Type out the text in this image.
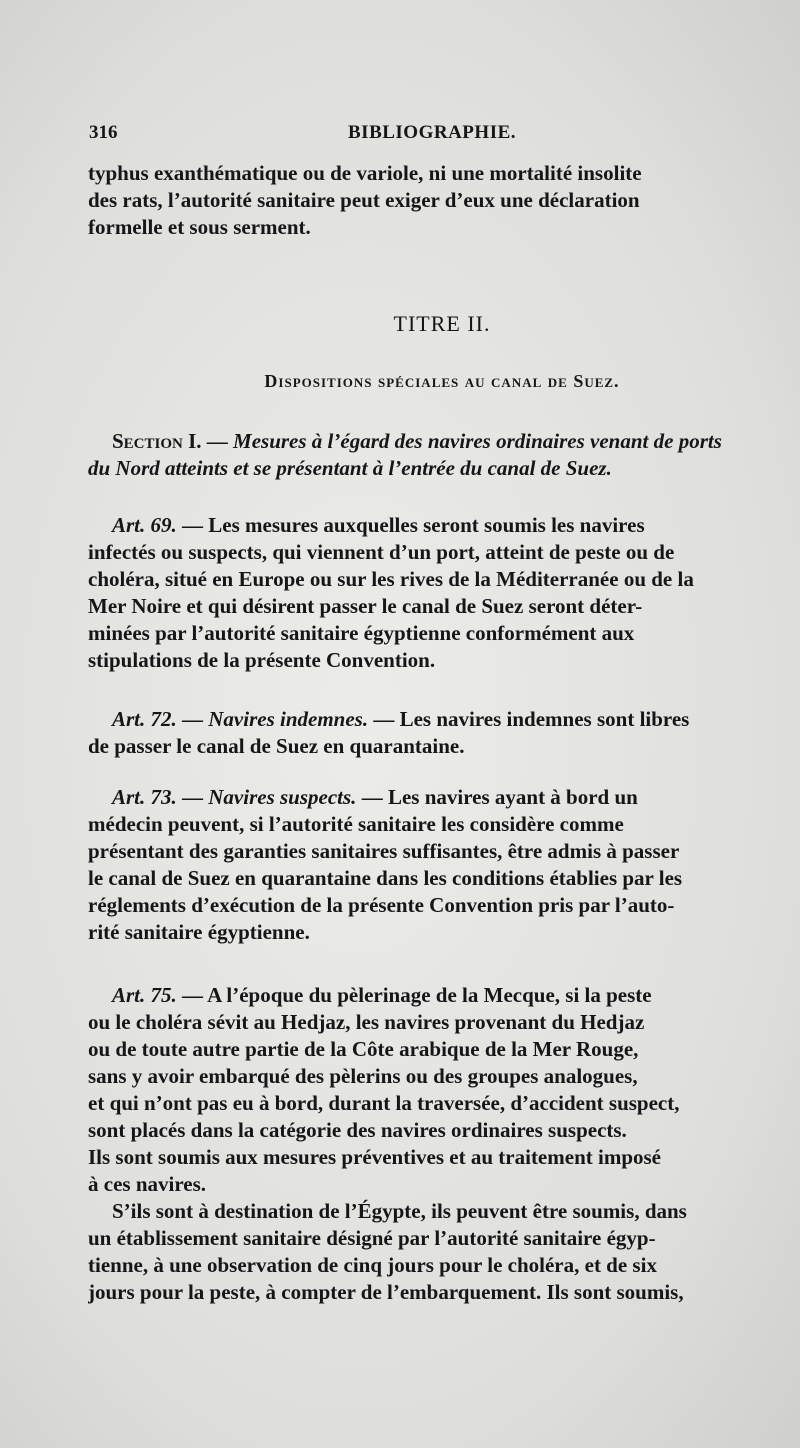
316	BIBLIOGRAPHIE.
typhus exanthématique ou de variole, ni une mortalité insolite
des rats, l’autorité sanitaire peut exiger d’eux une déclaration
formelle et sous serment.
TITRE II.
Dispositions spéciales au canal de Suez.
Section I. — Mesures à l’égard des navires ordinaires venant de ports
du Nord atteints et se présentant à l’entrée du canal de Suez.
Art. 69. — Les mesures auxquelles seront soumis les navires
infectés ou suspects, qui viennent d’un port, atteint de peste ou de
choléra, situé en Europe ou sur les rives de la Méditerranée ou de la
Mer Noire et qui désirent passer le canal de Suez seront déter-
minées par l’autorité sanitaire égyptienne conformément aux
stipulations de la présente Convention.
Art. 72. — Navires indemnes. — Les navires indemnes sont libres
de passer le canal de Suez en quarantaine.
Art. 73. — Navires suspects. — Les navires ayant à bord un
médecin peuvent, si l’autorité sanitaire les considère comme
présentant des garanties sanitaires suffisantes, être admis à passer
le canal de Suez en quarantaine dans les conditions établies par les
réglements d’exécution de la présente Convention pris par l’auto-
rité sanitaire égyptienne.
Art. 75. — A l’époque du pèlerinage de la Mecque, si la peste
ou le choléra sévit au Hedjaz, les navires provenant du Hedjaz
ou de toute autre partie de la Côte arabique de la Mer Rouge,
sans y avoir embarqué des pèlerins ou des groupes analogues,
et qui n’ont pas eu à bord, durant la traversée, d’accident suspect,
sont placés dans la catégorie des navires ordinaires suspects.
Ils sont soumis aux mesures préventives et au traitement imposé
à ces navires.
S’ils sont à destination de l’Égypte, ils peuvent être soumis, dans
un établissement sanitaire désigné par l’autorité sanitaire égyp-
tienne, à une observation de cinq jours pour le choléra, et de six
jours pour la peste, à compter de l’embarquement. Ils sont soumis,
